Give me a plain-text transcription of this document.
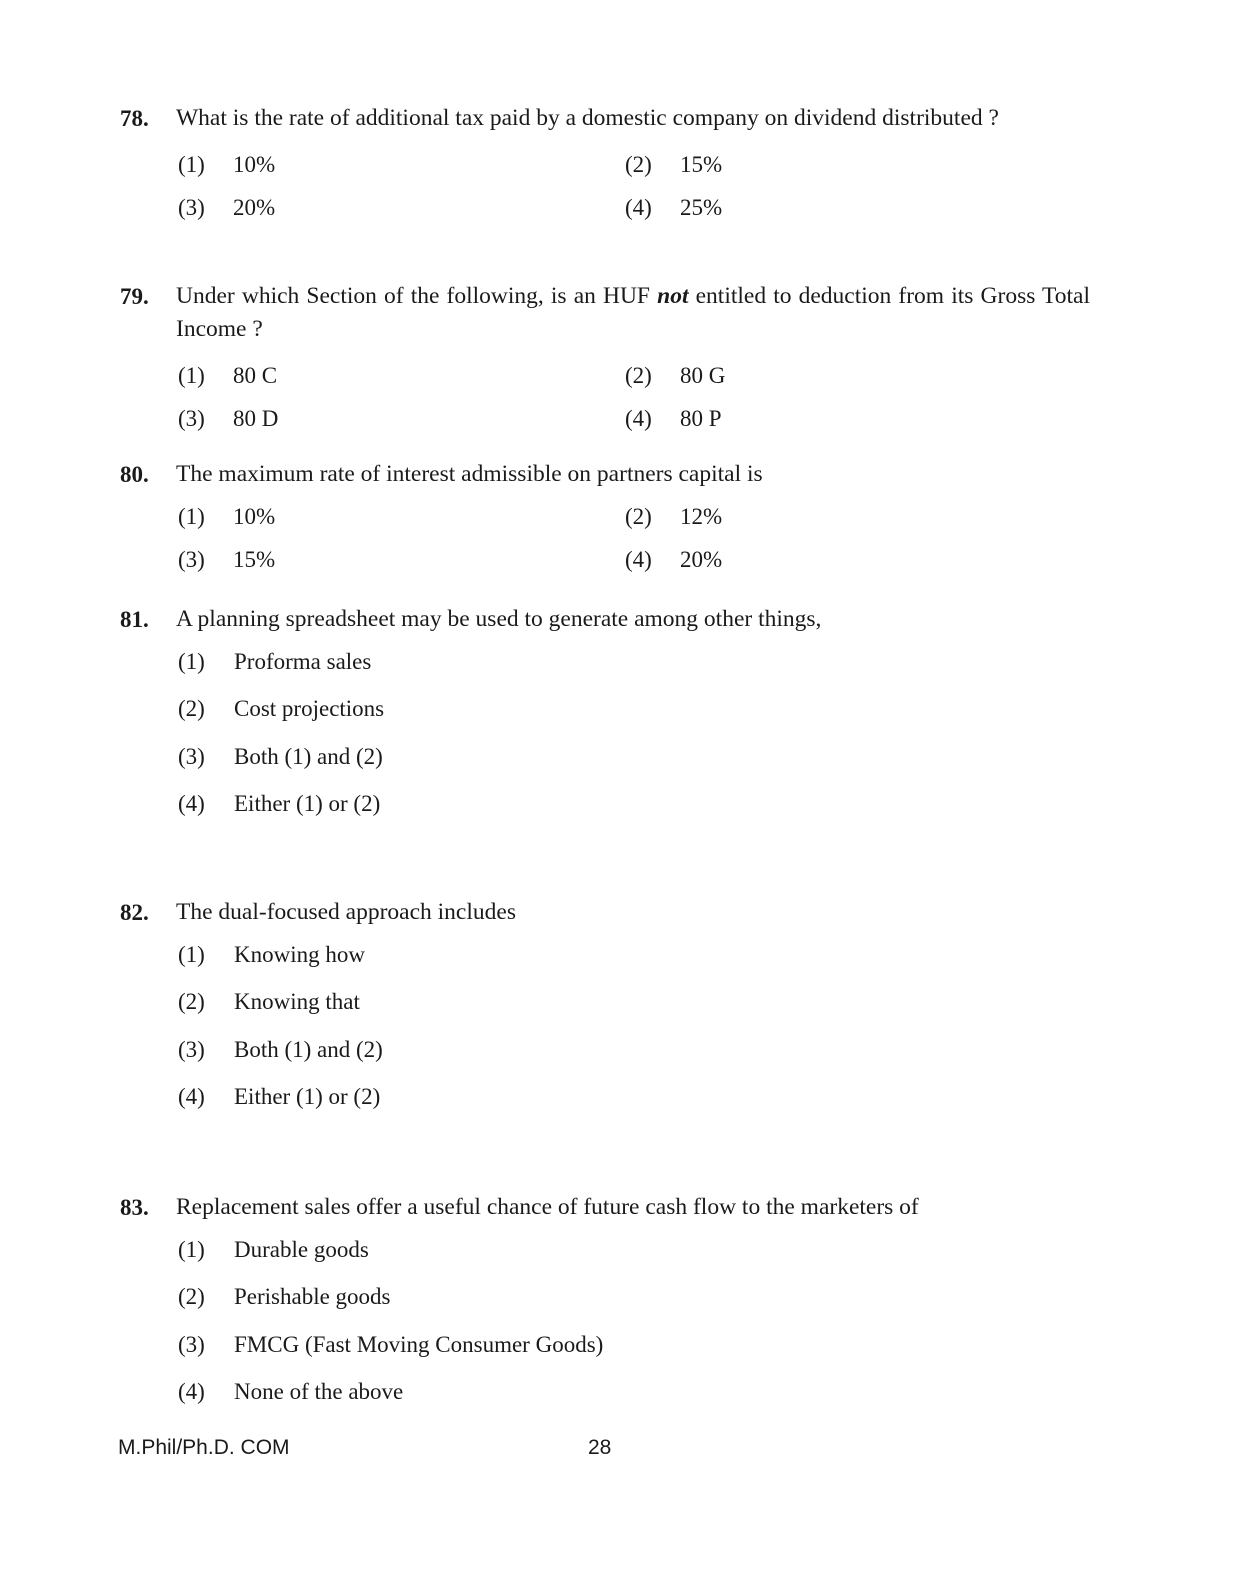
78.	What is the rate of additional tax paid by a domestic company on dividend distributed ?
(1)	10%	(2)	15%
(3)	20%	(4)	25%
79.	Under which Section of the following, is an HUF not entitled to deduction from its Gross Total Income ?
(1)	80 C	(2)	80 G
(3)	80 D	(4)	80 P
80.	The maximum rate of interest admissible on partners capital is
(1)	10%	(2)	12%
(3)	15%	(4)	20%
81.	A planning spreadsheet may be used to generate among other things,
(1)	Proforma sales
(2)	Cost projections
(3)	Both (1) and (2)
(4)	Either (1) or (2)
82.	The dual-focused approach includes
(1)	Knowing how
(2)	Knowing that
(3)	Both (1) and (2)
(4)	Either (1) or (2)
83.	Replacement sales offer a useful chance of future cash flow to the marketers of
(1)	Durable goods
(2)	Perishable goods
(3)	FMCG (Fast Moving Consumer Goods)
(4)	None of the above
M.Phil/Ph.D. COM	28
